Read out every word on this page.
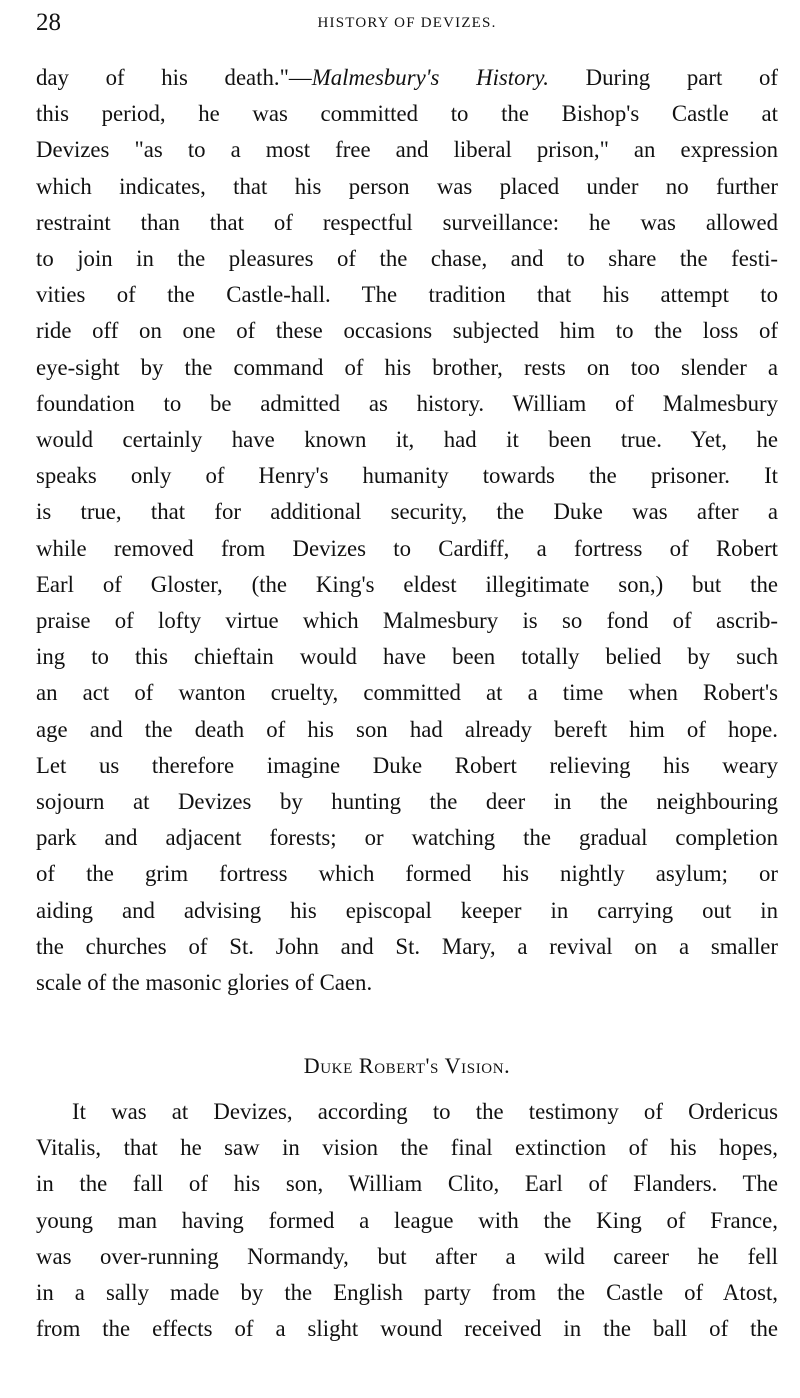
28	HISTORY OF DEVIZES.
day of his death."—Malmesbury's History. During part of
this period, he was committed to the Bishop's Castle at
Devizes "as to a most free and liberal prison," an expression
which indicates, that his person was placed under no further
restraint than that of respectful surveillance: he was allowed
to join in the pleasures of the chase, and to share the festi-
vities of the Castle-hall. The tradition that his attempt to
ride off on one of these occasions subjected him to the loss of
eye-sight by the command of his brother, rests on too slender a
foundation to be admitted as history. William of Malmesbury
would certainly have known it, had it been true. Yet, he
speaks only of Henry's humanity towards the prisoner. It
is true, that for additional security, the Duke was after a
while removed from Devizes to Cardiff, a fortress of Robert
Earl of Gloster, (the King's eldest illegitimate son,) but the
praise of lofty virtue which Malmesbury is so fond of ascrib-
ing to this chieftain would have been totally belied by such
an act of wanton cruelty, committed at a time when Robert's
age and the death of his son had already bereft him of hope.
Let us therefore imagine Duke Robert relieving his weary
sojourn at Devizes by hunting the deer in the neighbouring
park and adjacent forests; or watching the gradual completion
of the grim fortress which formed his nightly asylum; or
aiding and advising his episcopal keeper in carrying out in
the churches of St. John and St. Mary, a revival on a smaller
scale of the masonic glories of Caen.
Duke Robert's Vision.
It was at Devizes, according to the testimony of Ordericus
Vitalis, that he saw in vision the final extinction of his hopes,
in the fall of his son, William Clito, Earl of Flanders. The
young man having formed a league with the King of France,
was over-running Normandy, but after a wild career he fell
in a sally made by the English party from the Castle of Atost,
from the effects of a slight wound received in the ball of the
